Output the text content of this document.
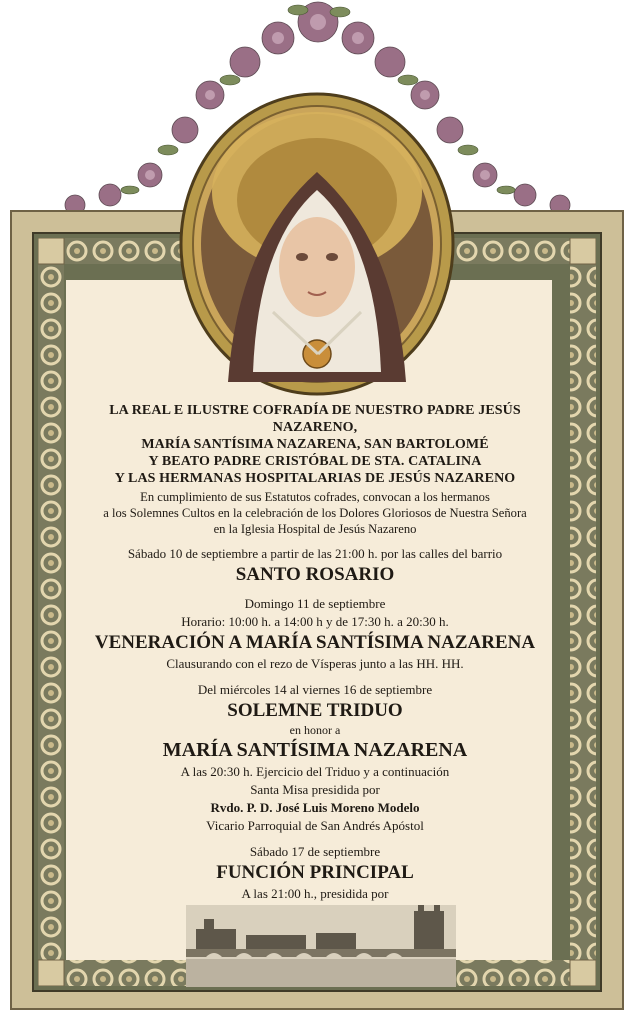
LA REAL E ILUSTRE COFRADÍA DE NUESTRO PADRE JESÚS NAZARENO,

MARÍA SANTÍSIMA NAZARENA, SAN BARTOLOMÉ

Y BEATO PADRE CRISTÓBAL DE STA. CATALINA

Y LAS HERMANAS HOSPITALARIAS DE JESÚS NAZARENO

En cumplimiento de sus Estatutos cofrades, convocan a los hermanos

a los Solemnes Cultos en la celebración de los Dolores Gloriosos de Nuestra Señora

en la Iglesia Hospital de Jesús Nazareno

Sábado 10 de septiembre a partir de las 21:00 h. por las calles del barrio

SANTO ROSARIO

Domingo 11 de septiembre

Horario: 10:00 h. a 14:00 h y de 17:30 h. a 20:30 h.

VENERACIÓN A MARÍA SANTÍSIMA NAZARENA

Clausurando con el rezo de Vísperas junto a las HH. HH.

Del miércoles 14 al viernes 16 de septiembre

SOLEMNE TRIDUO

en honor a

MARÍA SANTÍSIMA NAZARENA

A las 20:30 h. Ejercicio del Triduo y a continuación

Santa Misa presidida por

Rvdo. P. D. José Luis Moreno Modelo

Vicario Parroquial de San Andrés Apóstol

Sábado 17 de septiembre

FUNCIÓN PRINCIPAL

A las 21:00 h., presidida por
